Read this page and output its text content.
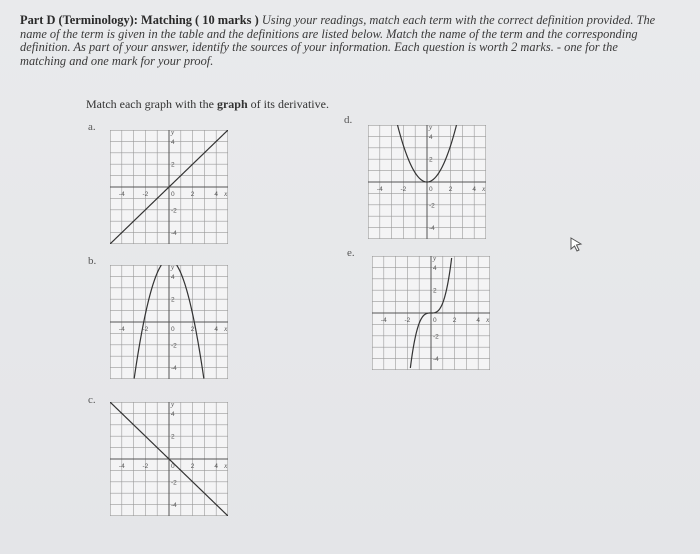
Part D (Terminology): Matching ( 10 marks ) Using your readings, match each term with the correct definition provided. The name of the term is given in the table and the definitions are listed below. Match the name of the term and the corresponding definition. As part of your answer, identify the sources of your information. Each question is worth 2 marks. - one for the matching and one mark for your proof.
Match each graph with the graph of its derivative.
a.
b.
c.
d.
e.
-4	-2	2	4
0
4
2
-2
-4
x
y
-4	-2	2	4
0
4
2
-2
-4
x
y
-4	-2	2	4
0
4
2
-2
-4
x
y
-4	-2	2	4
0
4
2
-2
-4
x
y
-4	-2	2	4
0
4
2
-2
-4
x
y
